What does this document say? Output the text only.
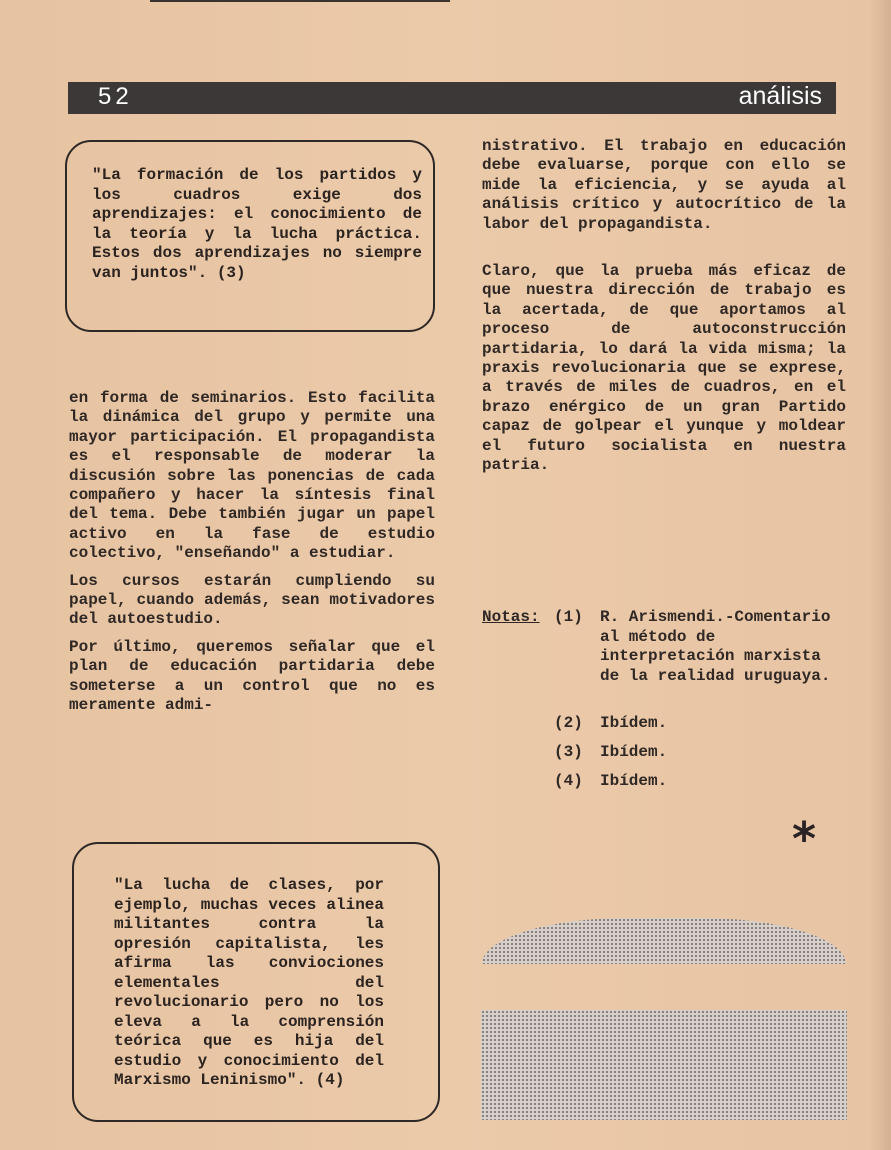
52	análisis

"La formación de los partidos y los cuadros exige dos aprendizajes: el conocimiento de la teoría y la lucha práctica. Estos dos aprendizajes no siempre van juntos". (3)

en forma de seminarios. Esto facilita la dinámica del grupo y permite una mayor participación. El propagandista es el responsable de moderar la discusión sobre las ponencias de cada compañero y hacer la síntesis final del tema. Debe también jugar un papel activo en la fase de estudio colectivo, "enseñando" a estudiar.

Los cursos estarán cumpliendo su papel, cuando además, sean motivadores del autoestudio.

Por último, queremos señalar que el plan de educación partidaria debe someterse a un control que no es meramente admi-

nistrativo. El trabajo en educación debe evaluarse, porque con ello se mide la eficiencia, y se ayuda al análisis crítico y autocrítico de la labor del propagandista.
Claro, que la prueba más eficaz de que nuestra dirección de trabajo es la acertada, de que aportamos al proceso de autoconstrucción partidaria, lo dará la vida misma; la praxis revolucionaria que se exprese, a través de miles de cuadros, en el brazo enérgico de un gran Partido capaz de golpear el yunque y moldear el futuro socialista en nuestra patria.
Notas: (1) R. Arismendi.-Comentario al método de interpretación marxista de la realidad uruguaya.
(2) Ibídem.
(3) Ibídem.
(4) Ibídem.
*

"La lucha de clases, por ejemplo, muchas veces alinea militantes contra la opresión capitalista, les afirma las conviociones elementales del revolucionario pero no los eleva a la comprensión teórica que es hija del estudio y conocimiento del Marxismo Leninismo". (4)
